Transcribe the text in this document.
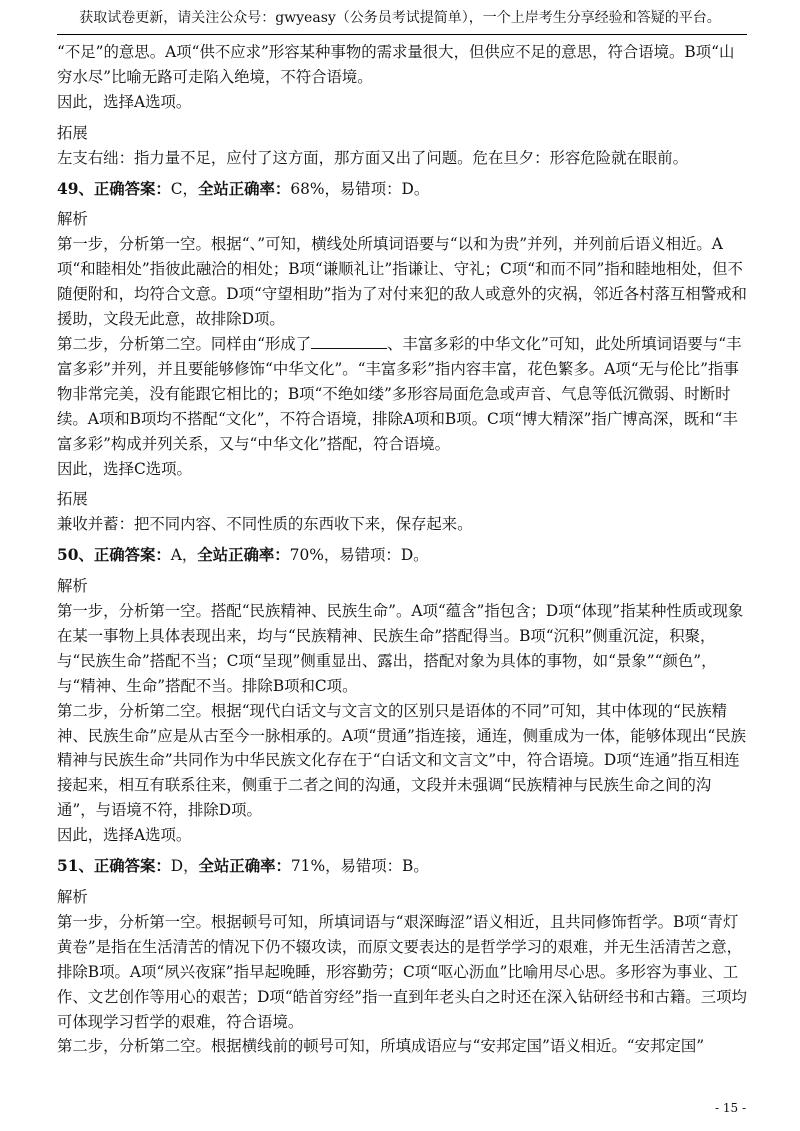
获取试卷更新，请关注公众号：gwyeasy（公务员考试提简单），一个上岸考生分享经验和答疑的平台。

“不足”的意思。A项“供不应求”形容某种事物的需求量很大，但供应不足的意思，符合语境。B项“山穷水尽”比喻无路可走陷入绝境，不符合语境。

因此，选择A选项。

拓展

左支右绌：指力量不足，应付了这方面，那方面又出了问题。危在旦夕：形容危险就在眼前。

49、正确答案：C，全站正确率：68%，易错项：D。

解析

第一步，分析第一空。根据“、”可知，横线处所填词语要与“以和为贵”并列，并列前后语义相近。A项“和睦相处”指彼此融洽的相处；B项“谦顺礼让”指谦让、守礼；C项“和而不同”指和睦地相处，但不随便附和，均符合文意。D项“守望相助”指为了对付来犯的敌人或意外的灾祸，邻近各村落互相警戒和援助，文段无此意，故排除D项。

第二步，分析第二空。同样由“形成了	、丰富多彩的中华文化”可知，此处所填词语要与“丰富多彩”并列，并且要能够修饰“中华文化”。“丰富多彩”指内容丰富，花色繁多。A项“无与伦比”指事物非常完美，没有能跟它相比的；B项“不绝如缕”多形容局面危急或声音、气息等低沉微弱、时断时续。A项和B项均不搭配“文化”，不符合语境，排除A项和B项。C项“博大精深”指广博高深，既和“丰富多彩”构成并列关系，又与“中华文化”搭配，符合语境。

因此，选择C选项。

拓展

兼收并蓄：把不同内容、不同性质的东西收下来，保存起来。

50、正确答案：A，全站正确率：70%，易错项：D。

解析

第一步，分析第一空。搭配“民族精神、民族生命”。A项“蕴含”指包含；D项“体现”指某种性质或现象在某一事物上具体表现出来，均与“民族精神、民族生命”搭配得当。B项“沉积”侧重沉淀，积聚，与“民族生命”搭配不当；C项“呈现”侧重显出、露出，搭配对象为具体的事物，如“景象”“颜色”，与“精神、生命”搭配不当。排除B项和C项。

第二步，分析第二空。根据“现代白话文与文言文的区别只是语体的不同”可知，其中体现的“民族精神、民族生命”应是从古至今一脉相承的。A项“贯通”指连接，通连，侧重成为一体，能够体现出“民族精神与民族生命”共同作为中华民族文化存在于“白话文和文言文”中，符合语境。D项“连通”指互相连接起来，相互有联系往来，侧重于二者之间的沟通，文段并未强调“民族精神与民族生命之间的沟通”，与语境不符，排除D项。

因此，选择A选项。

51、正确答案：D，全站正确率：71%，易错项：B。

解析

第一步，分析第一空。根据顿号可知，所填词语与“艰深晦涩”语义相近，且共同修饰哲学。B项“青灯黄卷”是指在生活清苦的情况下仍不辍攻读，而原文要表达的是哲学学习的艰难，并无生活清苦之意，排除B项。A项“夙兴夜寐”指早起晚睡，形容勤劳；C项“呕心沥血”比喻用尽心思。多形容为事业、工作、文艺创作等用心的艰苦；D项“皓首穷经”指一直到年老头白之时还在深入钻研经书和古籍。三项均可体现学习哲学的艰难，符合语境。

第二步，分析第二空。根据横线前的顿号可知，所填成语应与“安邦定国”语义相近。“安邦定国”

- 15 -
